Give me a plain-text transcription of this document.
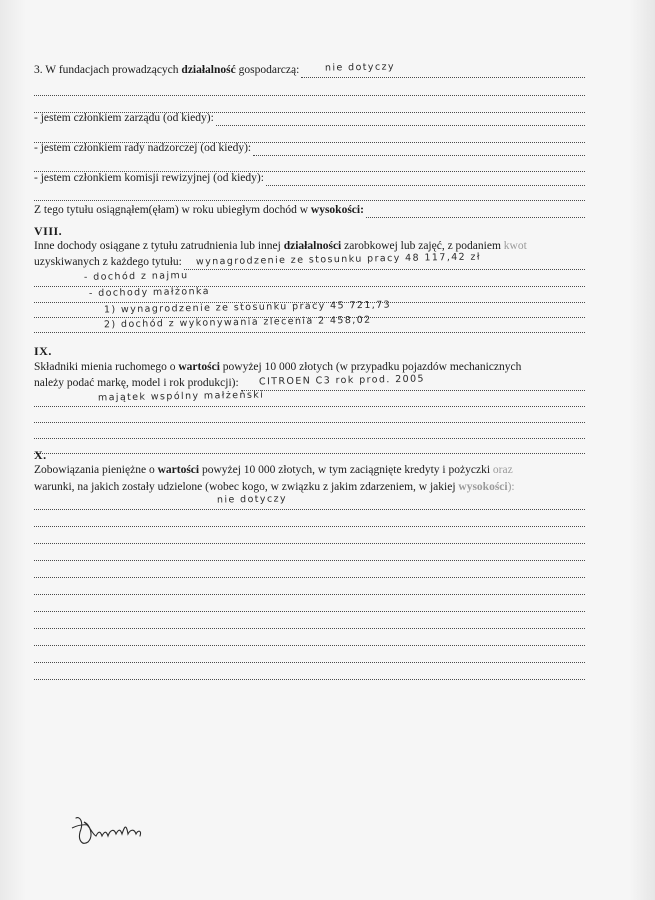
3. W fundacjach prowadzących działalność gospodarczą:	nie dotyczy
- jestem członkiem zarządu (od kiedy):
- jestem członkiem rady nadzorczej (od kiedy):
- jestem członkiem komisji rewizyjnej (od kiedy):
Z tego tytułu osiągnąłem(ęłam) w roku ubiegłym dochód w wysokości:
VIII.
Inne dochody osiągane z tytułu zatrudnienia lub innej działalności zarobkowej lub zajęć, z podaniem kwot
uzyskiwanych z każdego tytułu: wynagrodzenie ze stosunku pracy 48 117,42 zł
- dochód z najmu
- dochody małżonka
1) wynagrodzenie ze stosunku pracy 45 721,73
2) dochód z wykonywania zlecenia 2 458,02
IX.
Składniki mienia ruchomego o wartości powyżej 10 000 złotych (w przypadku pojazdów mechanicznych
należy podać markę, model i rok produkcji): CITROEN C3 rok prod. 2005
majątek wspólny małżeński
X.
Zobowiązania pieniężne o wartości powyżej 10 000 złotych, w tym zaciągnięte kredyty i pożyczki oraz
warunki, na jakich zostały udzielone (wobec kogo, w związku z jakim zdarzeniem, w jakiej wysokości):
nie dotyczy
